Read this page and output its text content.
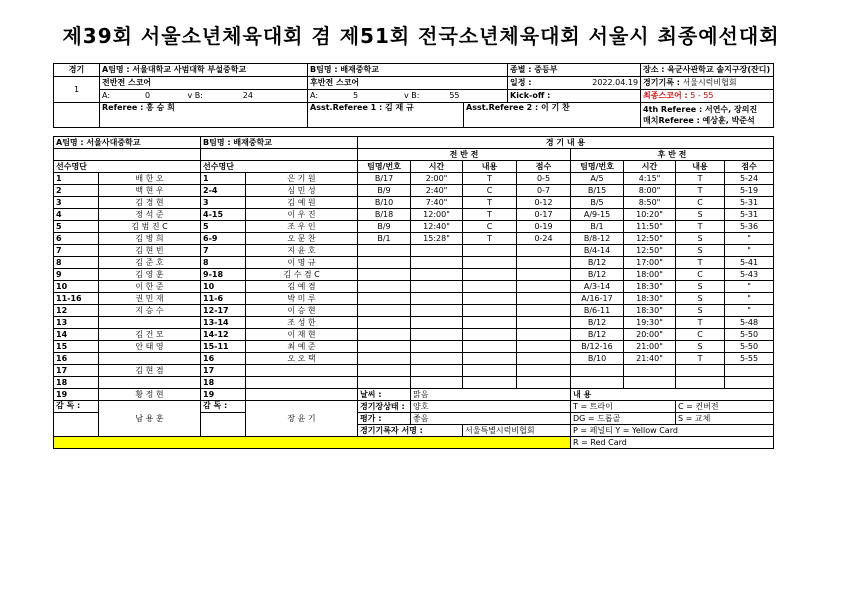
제39회 서울소년체육대회 겸 제51회 전국소년체육대회 서울시 최종예선대회
경기	A팀명 : 서울대학교 사범대학 부설중학교		B팀명 : 배재중학교		종별 : 중등부		장소 : 육군사관학교 솔지구장(잔디)
1	전반전 스코어		후반전 스코어		일정 :	2022.04.19	경기기록 : 서울시럭비협회
	A: 0	v B: 24	A: 5 v B: 55		Kick-off :		최종스코어 : 5 - 55
	Referee : 홍 승 희		Asst.Referee 1 : 김 재 규	Asst.Referee 2 : 이 기 찬			4th Referee : 서연수, 장의진
매치Referee : 예상훈, 박준석
A팀명 : 서울사대중학교		B팀명 : 배재중학교		경 기 내 용							
				전 반 전				후 반 전			
선수명단		선수명단		팀명/번호	시간	내용	점수	팀명/번호	시간	내용	점수
1	배 한 오	1	은 기 원	B/17	2:00"	T	0-5	A/5	4:15"	T	5-24
2	백 현 우	2-4	심 민 성	B/9	2:40"	C	0-7	B/15	8:00"	T	5-19
3	김 경 현	3	김 예 원	B/10	7:40"	T	0-12	B/5	8:50"	C	5-31
4	정 석 준	4-15	이 우 진	B/18	12:00"	T	0-17	A/9-15	10:20"	S	5-31
5	김 범 진 C	5	조 우 인	B/9	12:40"	C	0-19	B/1	11:50"	T	5-36
6	김 병 희	6-9	오 문 찬	B/1	15:28"	T	0-24	B/8-12	12:50"	S	"
7	김 현 빈	7	지 윤 호					B/4-14	12:50"	S	"
8	김 준 호	8	이 명 규					B/12	17:00"	T	5-41
9	김 영 훈	9-18	김 수 겸 C					B/12	18:00"	C	5-43
10	이 한 준	10	김 예 겸					A/3-14	18:30"	S	"
11-16	권 민 재	11-6	박 미 루					A/16-17	18:30"	S	"
12	지 승 수	12-17	이 승 현					B/6-11	18:30"	S	"
13		13-14	조 성 한					B/12	19:30"	T	5-48
14	김 건 모	14-12	이 재 현					B/12	20:00"	C	5-50
15	안 태 영	15-11	최 예 준					B/12-16	21:00"	S	5-50
16		16	오 오 택					B/10	21:40"	T	5-55
17	김 현 겸	17									
18		18									
19	황 정 현	19		날씨 :	맑음			내 용			
감 독 :	남 용 훈	감 독 :	장 윤 기	경기장상태 :	양호			T = 트라이		C = 컨버전	
				평가 :	좋음			DG = 드롭골		S = 교체	
				경기기록자 서명 :		서울특별시럭비협회		P = 페널티 Y = Yellow Card			
								R = Red Card			
